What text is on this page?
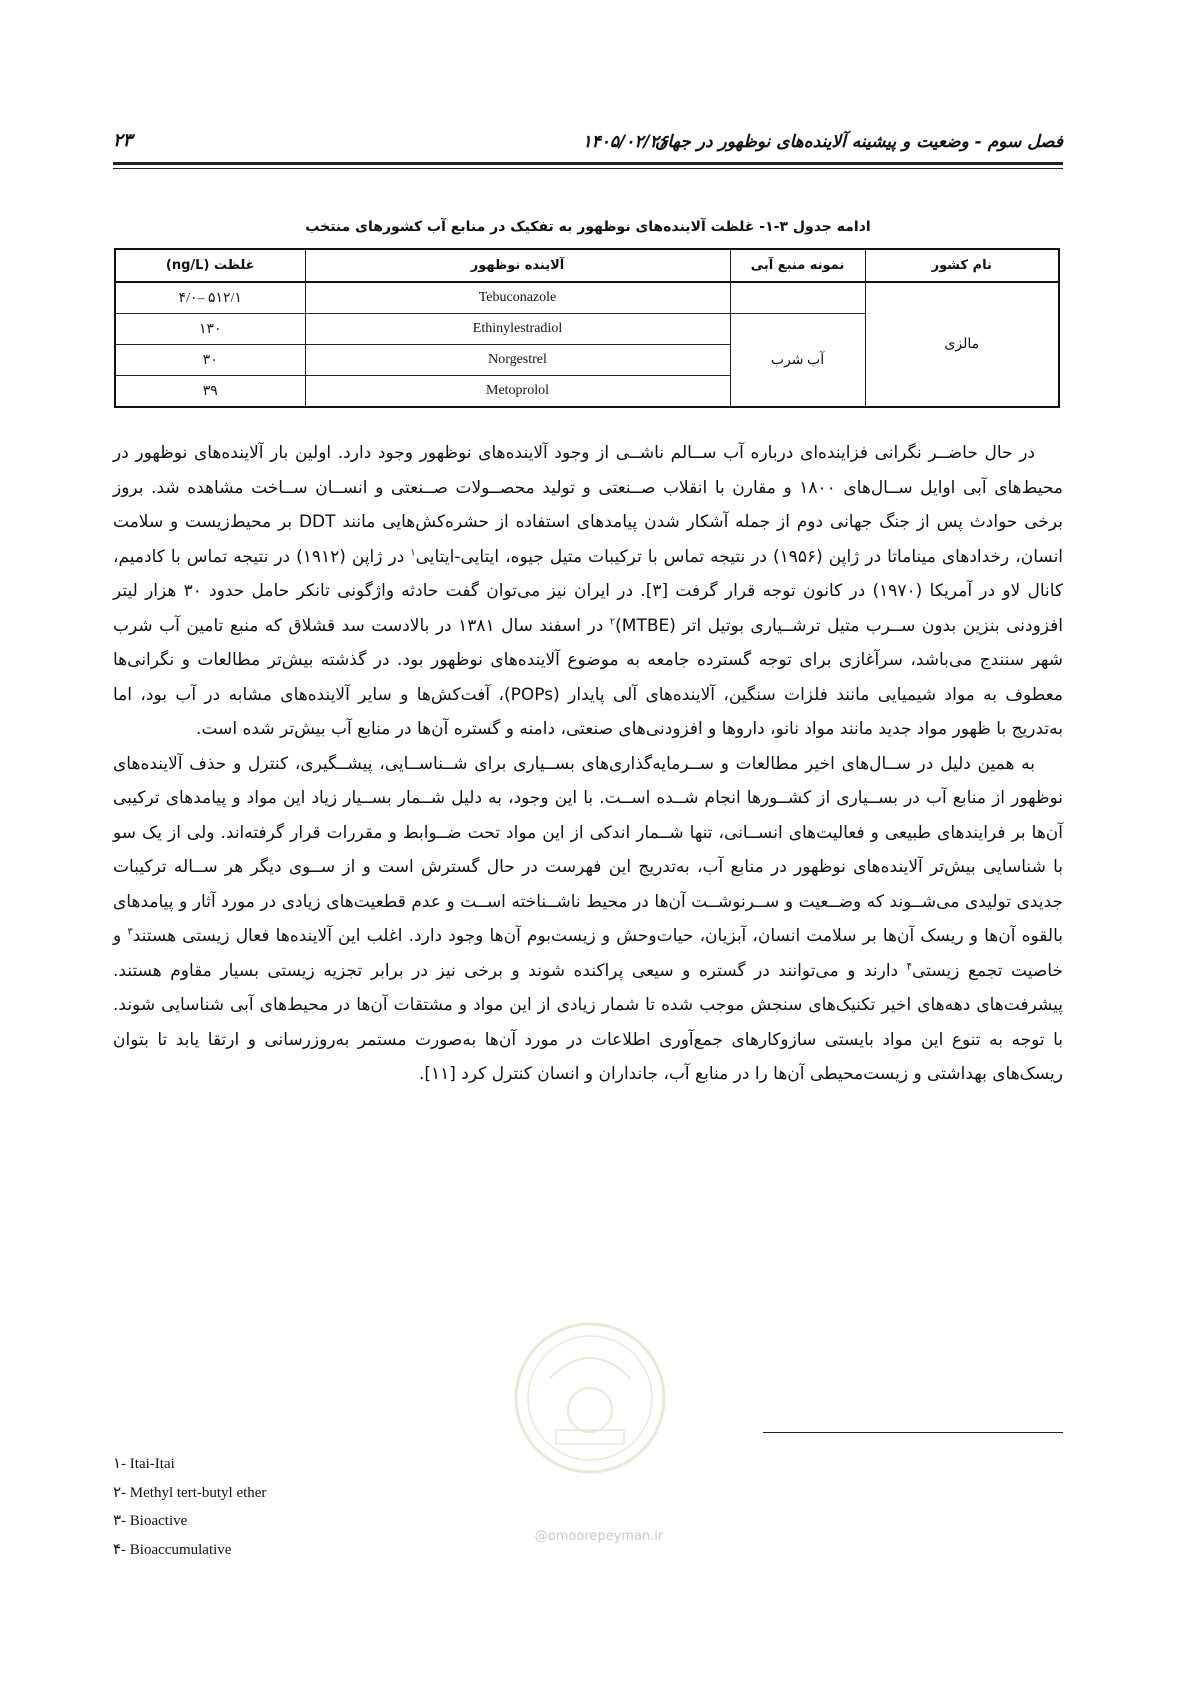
فصل سوم - وضعیت و پیشینه آلاینده‌های نوظهور در جهان
۱۴۰۵/۰۲/۲۶
۲۳
ادامه جدول ۳-۱- غلظت آلاینده‌های نوظهور به تفکیک در منابع آب کشورهای منتخب
نام کشور	نمونه منبع آبی	آلاینده نوظهور	غلظت (ng/L)
مالزی		Tebuconazole	۵۱۲/۱ –۴/۰
	آب شرب	Ethinylestradiol	۱۳۰
		Norgestrel	۳۰
		Metoprolol	۳۹

در حال حاضــر نگرانی فزاینده‌ای درباره آب ســالم ناشــی از وجود آلاینده‌های نوظهور وجود دارد. اولین بار آلاینده‌های نوظهور در محیط‌های آبی اوایل ســال‌های ۱۸۰۰ و مقارن با انقلاب صــنعتی و تولید محصــولات صــنعتی و انســان ســاخت مشاهده شد. بروز برخی حوادث پس از جنگ جهانی دوم از جمله آشکار شدن پیامدهای استفاده از حشره‌کش‌هایی مانند DDT بر محیط‌زیست و سلامت انسان، رخدادهای میناماتا در ژاپن (۱۹۵۶) در نتیجه تماس با ترکیبات متیل جیوه، ایتایی-ایتایی$^۱$ در ژاپن (۱۹۱۲) در نتیجه تماس با کادمیم، کانال لاو در آمریکا (۱۹۷۰) در کانون توجه قرار گرفت [۳]. در ایران نیز می‌توان گفت حادثه واژگونی تانکر حامل حدود ۳۰ هزار لیتر افزودنی بنزین بدون ســرب متیل ترشــیاری بوتیل اتر (MTBE)$^۲$ در اسفند سال ۱۳۸۱ در بالادست سد قشلاق که منبع تامین آب شرب شهر سنندج می‌باشد، سرآغازی برای توجه گسترده جامعه به موضوع آلاینده‌های نوظهور بود. در گذشته بیش‌تر مطالعات و نگرانی‌ها معطوف به مواد شیمیایی مانند فلزات سنگین، آلاینده‌های آلی پایدار (POPs)، آفت‌کش‌ها و سایر آلاینده‌های مشابه در آب بود، اما به‌تدریج با ظهور مواد جدید مانند مواد نانو، داروها و افزودنی‌های صنعتی، دامنه و گستره آن‌ها در منابع آب بیش‌تر شده است.

به همین دلیل در ســال‌های اخیر مطالعات و ســرمایه‌گذاری‌های بســیاری برای شــناســایی، پیشــگیری، کنترل و حذف آلاینده‌های نوظهور از منابع آب در بســیاری از کشــورها انجام شــده اســت. با این وجود، به دلیل شــمار بســیار زیاد این مواد و پیامدهای ترکیبی آن‌ها بر فرایندهای طبیعی و فعالیت‌های انســانی، تنها شــمار اندکی از این مواد تحت ضــوابط و مقررات قرار گرفته‌اند. ولی از یک سو با شناسایی بیش‌تر آلاینده‌های نوظهور در منابع آب، به‌تدریج این فهرست در حال گسترش است و از ســوی دیگر هر ســاله ترکیبات جدیدی تولیدی می‌شــوند که وضــعیت و ســرنوشــت آن‌ها در محیط ناشــناخته اســت و عدم قطعیت‌های زیادی در مورد آثار و پیامدهای بالقوه آن‌ها و ریسک آن‌ها بر سلامت انسان، آبزیان، حیات‌وحش و زیست‌بوم آن‌ها وجود دارد. اغلب این آلاینده‌ها فعال زیستی هستند$^۳$ و خاصیت تجمع زیستی$^۴$ دارند و می‌توانند در گستره و سیعی پراکنده شوند و برخی نیز در برابر تجزیه زیستی بسیار مقاوم هستند. پیشرفت‌های دهه‌های اخیر تکنیک‌های سنجش موجب شده تا شمار زیادی از این مواد و مشتقات آن‌ها در محیط‌های آبی شناسایی شوند. با توجه به تنوع این مواد بایستی سازوکارهای جمع‌آوری اطلاعات در مورد آن‌ها به‌صورت مستمر به‌روزرسانی و ارتقا یابد تا بتوان ریسک‌های بهداشتی و زیست‌محیطی آن‌ها را در منابع آب، جانداران و انسان کنترل کرد [۱۱].

@omoorepeyman.ir
۱- Itai-Itai
۲- Methyl tert-butyl ether
۳- Bioactive
۴- Bioaccumulative
